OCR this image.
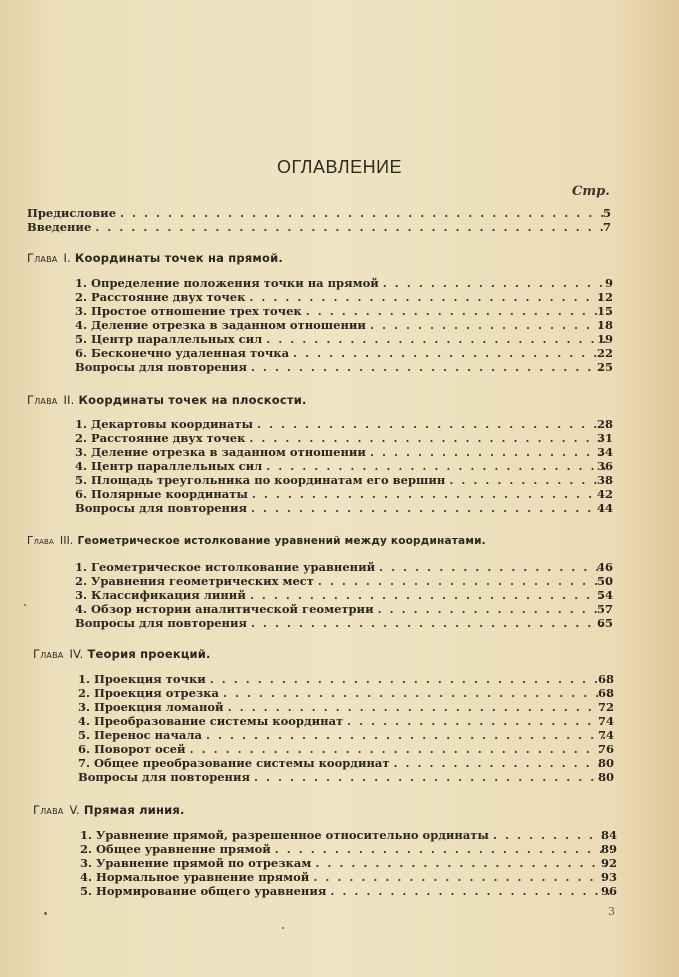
ОГЛАВЛЕНИЕ
Стр.
Предисловие . . .	5
Введение . . .	7
Глава I. Координаты точек на прямой.
1. Определение положения точки на прямой . . .	9
2. Расстояние двух точек . . .	12
3. Простое отношение трех точек . . .	15
4. Деление отрезка в заданном отношении . . .	18
5. Центр параллельных сил . . .	19
6. Бесконечно удаленная точка . . .	22
Вопросы для повторения . . .	25
Глава II. Координаты точек на плоскости.
1. Декартовы координаты . . .	28
2. Расстояние двух точек . . .	31
3. Деление отрезка в заданном отношении . . .	34
4. Центр параллельных сил . . .	36
5. Площадь треугольника по координатам его вершин . . .	38
6. Полярные координаты . . .	42
Вопросы для повторения . . .	44
Глава III. Геометрическое истолкование уравнений между координатами.
1. Геометрическое истолкование уравнений . . .	46
2. Уравнения геометрических мест . . .	50
3. Классификация линий . . .	54
4. Обзор истории аналитической геометрии . . .	57
Вопросы для повторения . . .	65
Глава IV. Теория проекций.
1. Проекция точки . . .	68
2. Проекция отрезка . . .	68
3. Проекция ломаной . . .	72
4. Преобразование системы координат . . .	74
5. Перенос начала . . .	74
6. Поворот осей . . .	76
7. Общее преобразование системы координат . . .	80
Вопросы для повторения . . .	80
Глава V. Прямая линия.
1. Уравнение прямой, разрешенное относительно ординаты . . .	84
2. Общее уравнение прямой . . .	89
3. Уравнение прямой по отрезкам . . .	92
4. Нормальное уравнение прямой . . .	93
5. Нормирование общего уравнения . . .	96
3
